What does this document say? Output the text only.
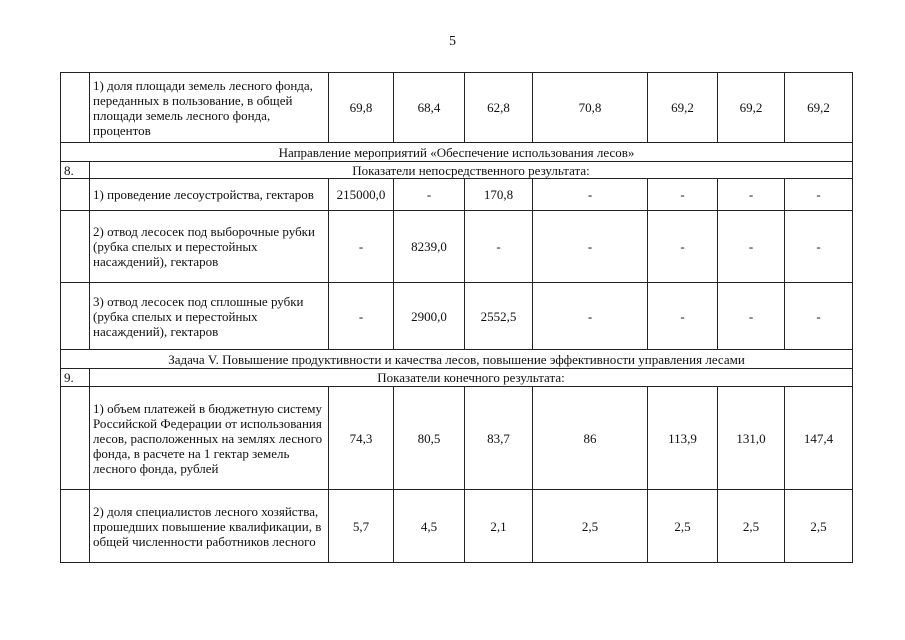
5
	1) доля площади земель лесного фонда, переданных в пользование, в общей площади земель лесного фонда, процентов	69,8	68,4	62,8	70,8	69,2	69,2	69,2
Направление мероприятий «Обеспечение использования лесов»								
8.	Показатели непосредственного результата:							
	1) проведение лесоустройства, гектаров	215000,0	-	170,8	-	-	-	-
	2) отвод лесосек под выборочные рубки (рубка спелых и перестойных насаждений), гектаров	-	8239,0	-	-	-	-	-
	3) отвод лесосек под сплошные рубки (рубка спелых и перестойных насаждений), гектаров	-	2900,0	2552,5	-	-	-	-
Задача V. Повышение продуктивности и качества лесов, повышение эффективности управления лесами								
9.	Показатели конечного результата:							
	1) объем платежей в бюджетную систему Российской Федерации от использования лесов, расположенных на землях лесного фонда, в расчете на 1 гектар земель лесного фонда, рублей	74,3	80,5	83,7	86	113,9	131,0	147,4
	2) доля специалистов лесного хозяйства, прошедших повышение квалификации, в общей численности работников лесного	5,7	4,5	2,1	2,5	2,5	2,5	2,5
